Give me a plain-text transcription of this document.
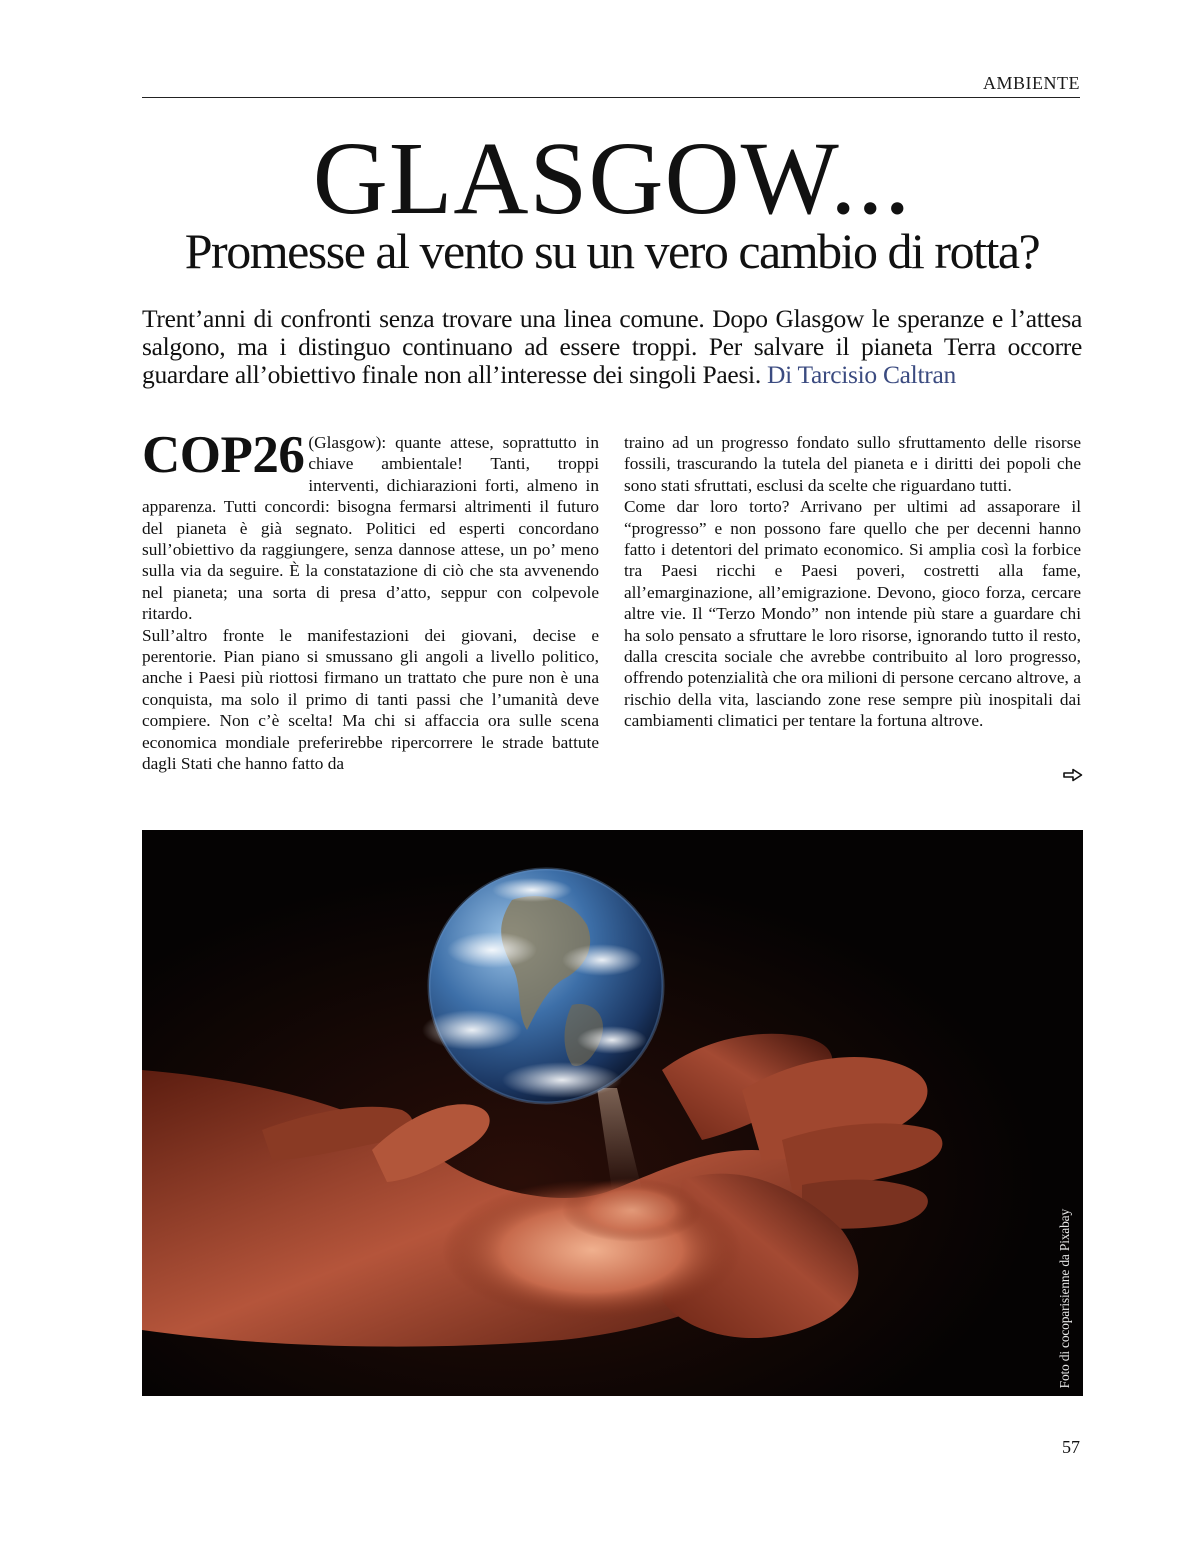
AMBIENTE
GLASGOW...
Promesse al vento su un vero cambio di rotta?

Trent’anni di confronti senza trovare una linea comune. Dopo Glasgow le speranze e l’attesa salgono, ma i distinguo continuano ad essere troppi. Per salvare il pianeta Terra occorre guardare all’obiettivo finale non all’interesse dei singoli Paesi. Di Tarcisio Caltran

COP26 (Glasgow): quante attese, soprattutto in chiave ambientale! Tanti, troppi interventi, dichiarazioni forti, almeno in apparenza. Tutti concordi: bisogna fermarsi altrimenti il futuro del pianeta è già segnato. Politici ed esperti concordano sull’obiettivo da raggiungere, senza dannose attese, un po’ meno sulla via da seguire. È la constatazione di ciò che sta avvenendo nel pianeta; una sorta di presa d’atto, seppur con colpevole ritardo.

Sull’altro fronte le manifestazioni dei giovani, decise e perentorie. Pian piano si smussano gli angoli a livello politico, anche i Paesi più riottosi firmano un trattato che pure non è una conquista, ma solo il primo di tanti passi che l’umanità deve compiere. Non c’è scelta! Ma chi si affaccia ora sulle scena economica mondiale preferirebbe ripercorrere le strade battute dagli Stati che hanno fatto da

traino ad un progresso fondato sullo sfruttamento delle risorse fossili, trascurando la tutela del pianeta e i diritti dei popoli che sono stati sfruttati, esclusi da scelte che riguardano tutti.

Come dar loro torto? Arrivano per ultimi ad assaporare il “progresso” e non possono fare quello che per decenni hanno fatto i detentori del primato economico. Si amplia così la forbice tra Paesi ricchi e Paesi poveri, costretti alla fame, all’emarginazione, all’emigrazione. Devono, gioco forza, cercare altre vie. Il “Terzo Mondo” non intende più stare a guardare chi ha solo pensato a sfruttare le loro risorse, ignorando tutto il resto, dalla crescita sociale che avrebbe contribuito al loro progresso, offrendo potenzialità che ora milioni di persone cercano altrove, a rischio della vita, lasciando zone rese sempre più inospitali dai cambiamenti climatici per tentare la fortuna altrove.

Foto di cocoparisienne da Pixabay
57
